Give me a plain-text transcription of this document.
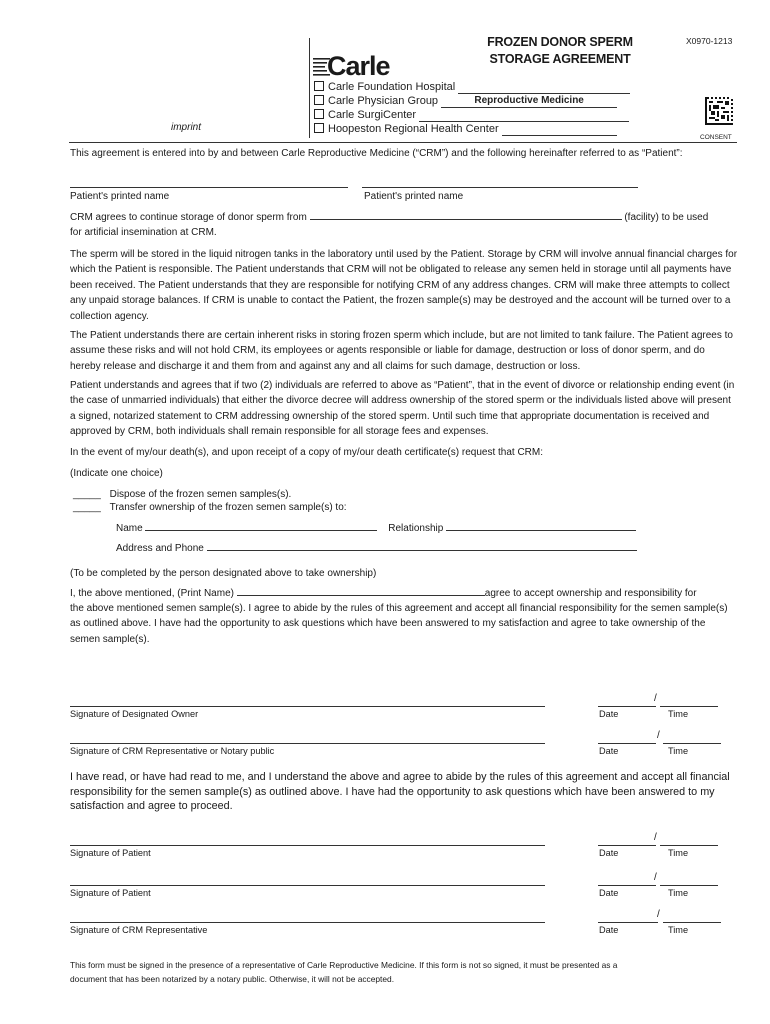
Carle
FROZEN DONOR SPERM
STORAGE AGREEMENT
X0970-1213
CONSENT
imprint
Carle Foundation Hospital
Carle Physician Group	Reproductive Medicine
Carle SurgiCenter
Hoopeston Regional Health Center
This agreement is entered into by and between Carle Reproductive Medicine (“CRM”) and the following hereinafter referred to as “Patient”:
Patient's printed name	Patient's printed name
CRM agrees to continue storage of donor sperm from	(facility) to be used
for artificial insemination at CRM.
The sperm will be stored in the liquid nitrogen tanks in the laboratory until used by the Patient. Storage by CRM will involve annual financial charges for which the Patient is responsible. The Patient understands that CRM will not be obligated to release any semen held in storage until all payments have been received. The Patient understands that they are responsible for notifying CRM of any address changes. CRM will make three attempts to collect any unpaid storage balances. If CRM is unable to contact the Patient, the frozen sample(s) may be destroyed and the account will be turned over to a collection agency.
The Patient understands there are certain inherent risks in storing frozen sperm which include, but are not limited to tank failure. The Patient agrees to assume these risks and will not hold CRM, its employees or agents responsible or liable for damage, destruction or loss of donor sperm, and do hereby release and discharge it and them from and against any and all claims for such damage, destruction or loss.
Patient understands and agrees that if two (2) individuals are referred to above as “Patient”, that in the event of divorce or relationship ending event (in the case of unmarried individuals) that either the divorce decree will address ownership of the stored sperm or the individuals listed above will present a signed, notarized statement to CRM addressing ownership of the stored sperm. Until such time that appropriate documentation is received and approved by CRM, both individuals shall remain responsible for all storage fees and expenses.
In the event of my/our death(s), and upon receipt of a copy of my/our death certificate(s) request that CRM:
(Indicate one choice)
_____ Dispose of the frozen semen samples(s).
_____ Transfer ownership of the frozen semen sample(s) to:
Name	Relationship
Address and Phone
(To be completed by the person designated above to take ownership)
I, the above mentioned, (Print Name)	agree to accept ownership and responsibility for
the above mentioned semen sample(s). I agree to abide by the rules of this agreement and accept all financial responsibility for the semen sample(s) as outlined above. I have had the opportunity to ask questions which have been answered to my satisfaction and agree to take ownership of the semen sample(s).
Signature of Designated Owner
/
Date	Time
Signature of CRM Representative or Notary public
/
Date	Time
I have read, or have had read to me, and I understand the above and agree to abide by the rules of this agreement and accept all financial responsibility for the semen sample(s) as outlined above. I have had the opportunity to ask questions which have been answered to my satisfaction and agree to proceed.
Signature of Patient
/
Date	Time
Signature of Patient
/
Date	Time
Signature of CRM Representative
/
Date	Time
This form must be signed in the presence of a representative of Carle Reproductive Medicine. If this form is not so signed, it must be presented as a
document that has been notarized by a notary public. Otherwise, it will not be accepted.
